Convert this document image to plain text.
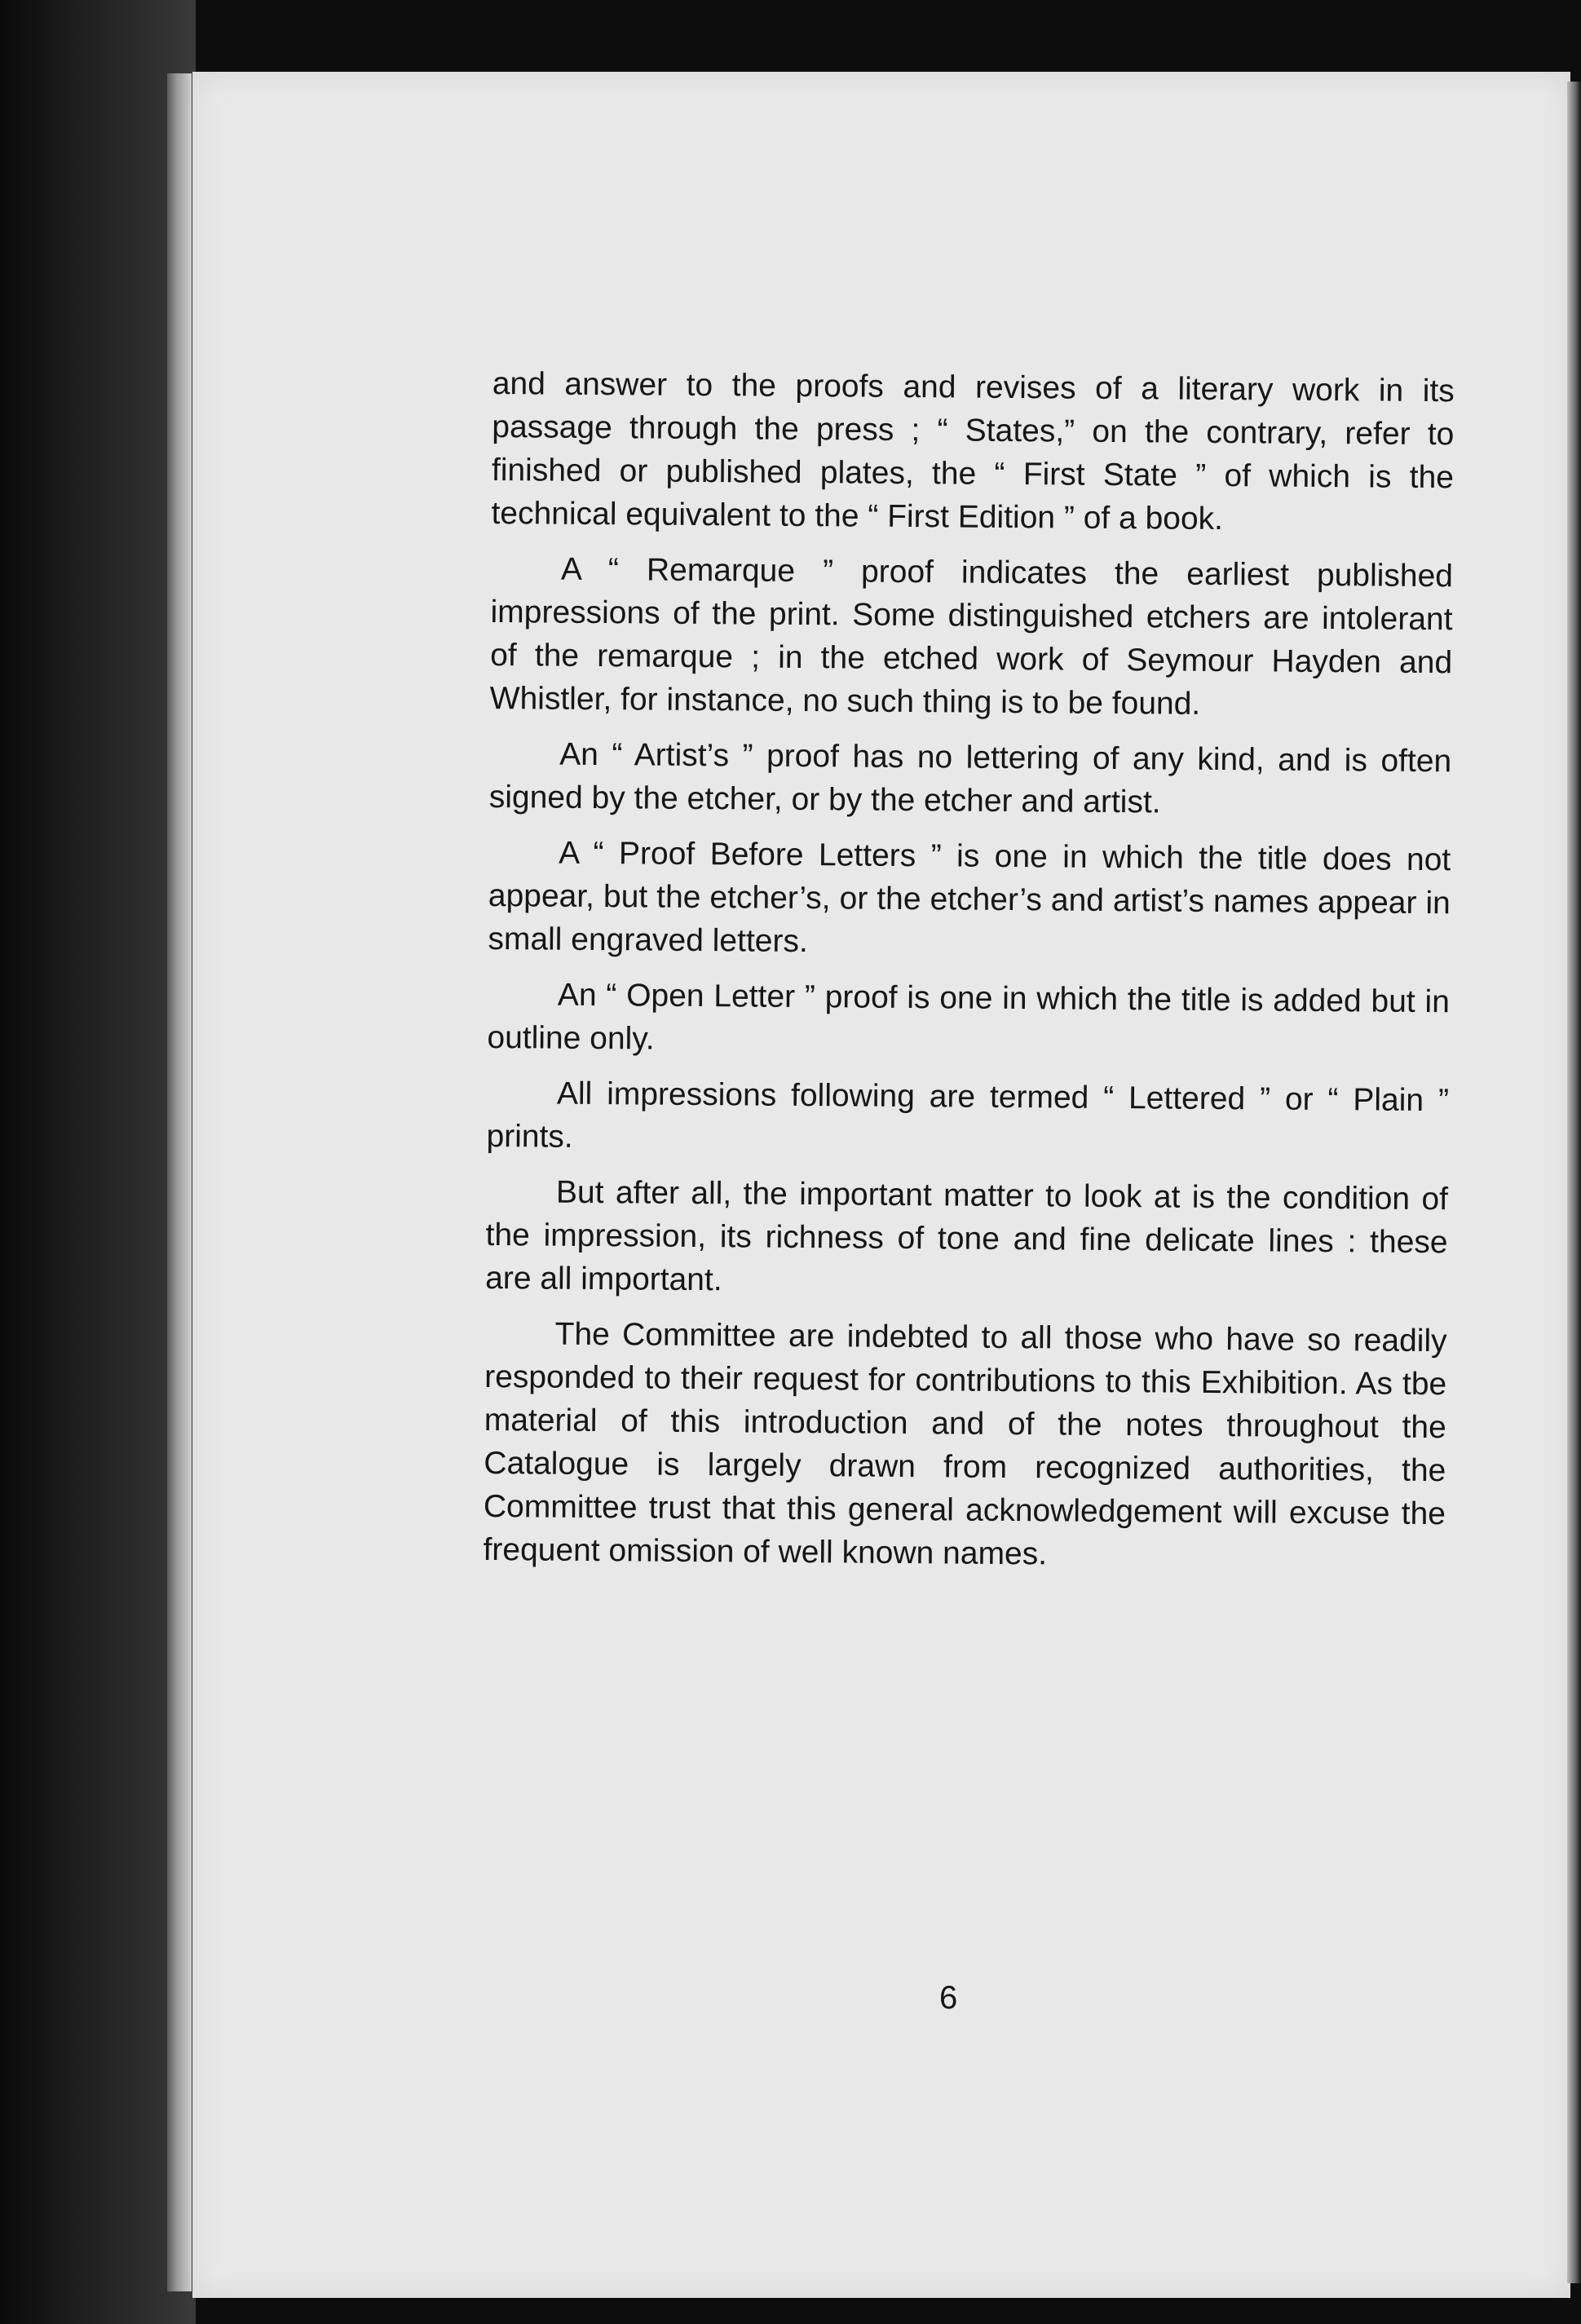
and answer to the proofs and revises of a literary work in its passage through the press ; “ States,” on the contrary, refer to finished or published plates, the “ First State ” of which is the technical equivalent to the “ First Edition ” of a book.

A “ Remarque ” proof indicates the earliest published impressions of the print. Some distinguished etchers are intolerant of the remarque ; in the etched work of Seymour Hayden and Whistler, for instance, no such thing is to be found.

An “ Artist’s ” proof has no lettering of any kind, and is often signed by the etcher, or by the etcher and artist.

A “ Proof Before Letters ” is one in which the title does not appear, but the etcher’s, or the etcher’s and artist’s names appear in small engraved letters.

An “ Open Letter ” proof is one in which the title is added but in outline only.

All impressions following are termed “ Lettered ” or “ Plain ” prints.

But after all, the important matter to look at is the condition of the impression, its richness of tone and fine delicate lines : these are all important.

The Committee are indebted to all those who have so readily responded to their request for contributions to this Exhibition. As tbe material of this introduction and of the notes throughout the Catalogue is largely drawn from recognized authorities, the Committee trust that this general acknowledgement will excuse the frequent omission of well known names.

6
